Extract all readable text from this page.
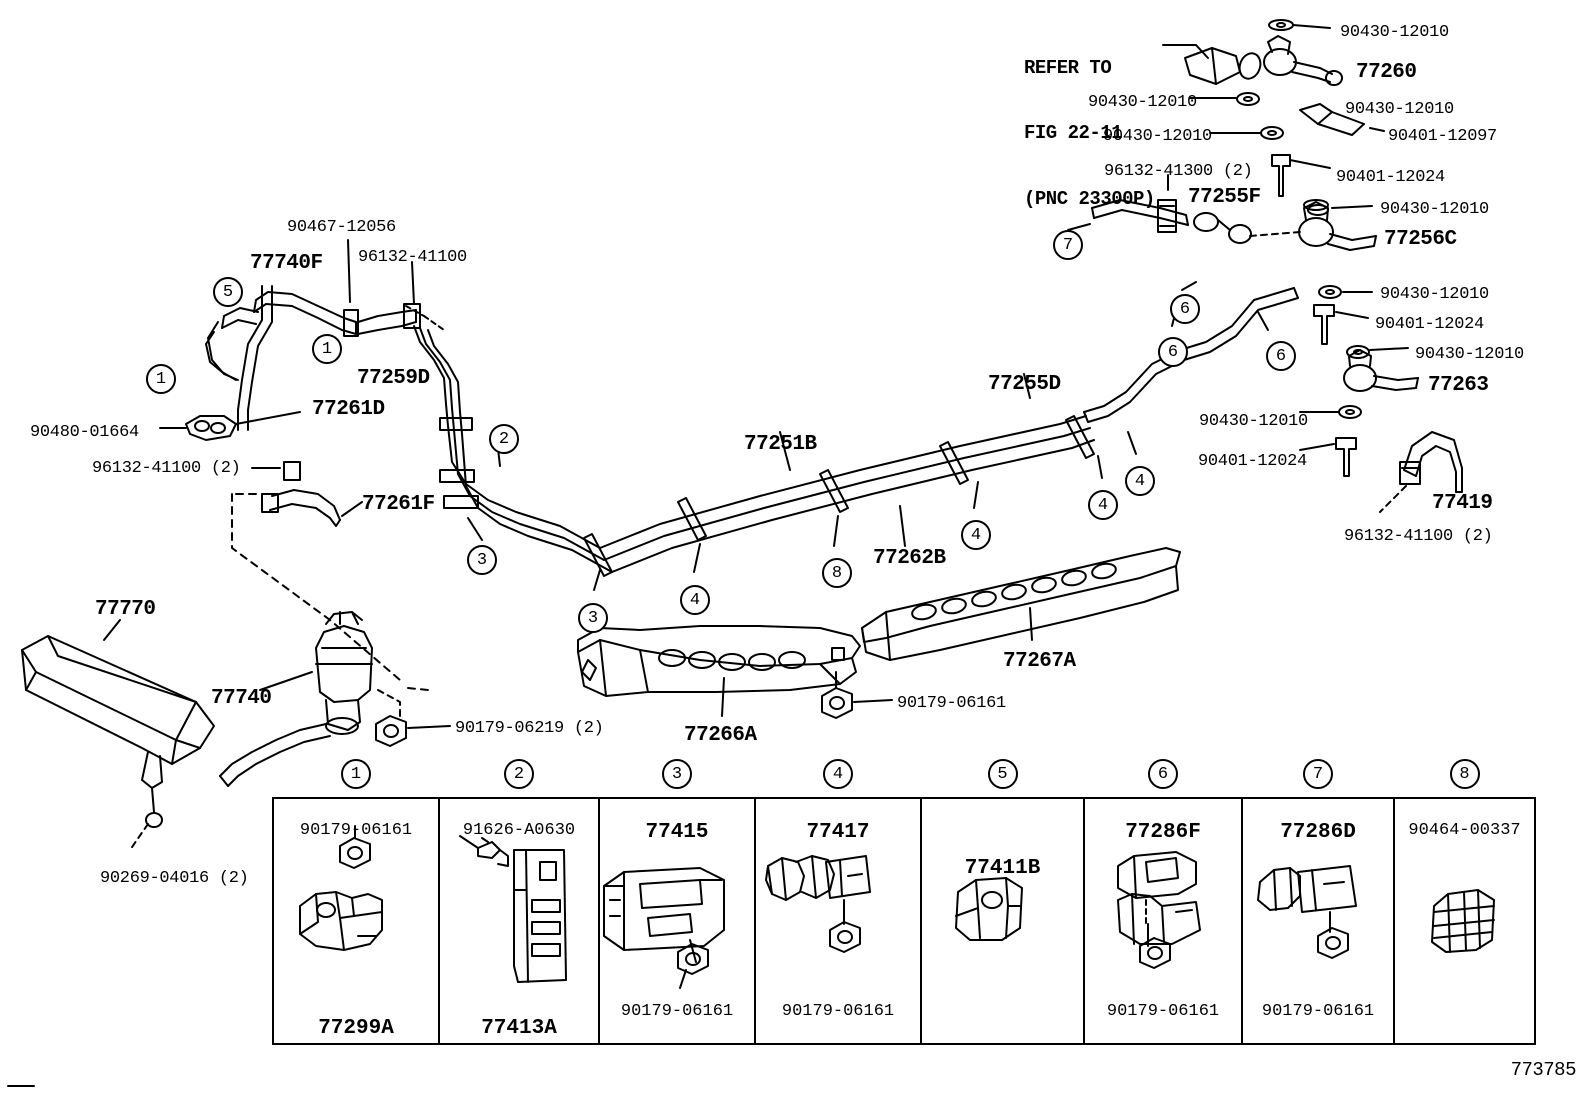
REFER TO

FIG 22-11

(PNC 23300P)

90467-12056
77740F 96132-41100
77259D
77261D
90480-01664
96132-41100 (2)
77261F
77770
77740
90179-06219 (2)
90269-04016 (2)
77251B
77262B
77255D
77266A
77267A
90179-06161
90430-12010
77260
90430-12010	90430-12010
90430-12010	90401-12097
96132-41300 (2)	90401-12024
77255F
90430-12010
77256C
90430-12010
90401-12024
90430-12010
77263
90430-12010
90401-12024
77419
96132-41100 (2)
5
1
1
2
3
3
4
8
4
4
4
6	6
6
7
1
90179-06161
77299A
2
91626-A0630
77413A
3
77415
90179-06161
4
77417
90179-06161
5
77411B
6
77286F
90179-06161
7
77286D
90179-06161
8
90464-00337
773785
